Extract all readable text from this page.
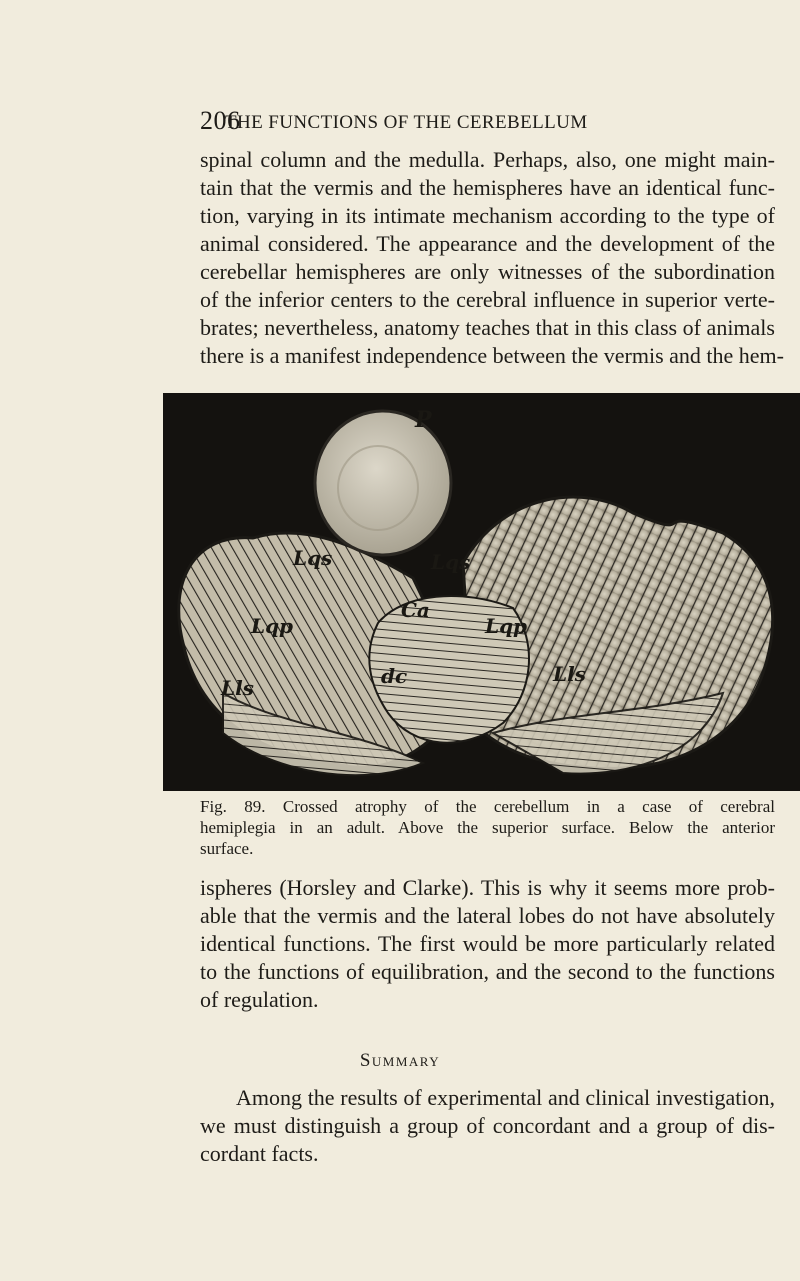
206
THE FUNCTIONS OF THE CEREBELLUM

spinal column and the medulla. Perhaps, also, one might main-
tain that the vermis and the hemispheres have an identical func-
tion, varying in its intimate mechanism according to the type of
animal considered. The appearance and the development of the
cerebellar hemispheres are only witnesses of the subordination
of the inferior centers to the cerebral influence in superior verte-
brates; nevertheless, anatomy teaches that in this class of animals
there is a manifest independence between the vermis and the hem-

P
Lqs	Lqs
Lqp	Lqp
Ca
dc
Lls
Lls

Fig. 89. Crossed atrophy of the cerebellum in a case of cerebral
hemiplegia in an adult. Above the superior surface. Below the anterior
surface.

ispheres (Horsley and Clarke). This is why it seems more prob-
able that the vermis and the lateral lobes do not have absolutely
identical functions. The first would be more particularly related
to the functions of equilibration, and the second to the functions
of regulation.

Summary

Among the results of experimental and clinical investigation,
we must distinguish a group of concordant and a group of dis-
cordant facts.
